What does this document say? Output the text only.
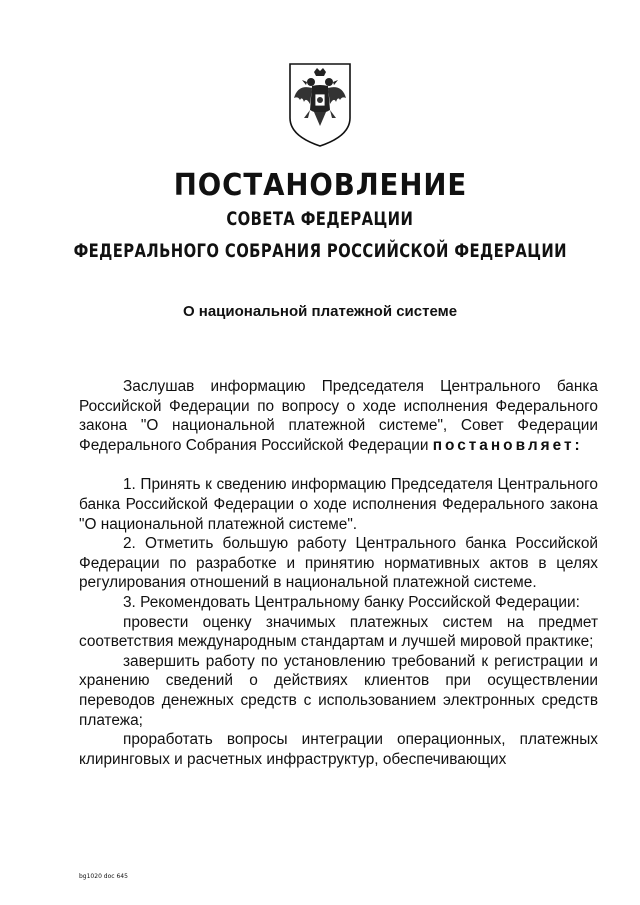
ПОСТАНОВЛЕНИЕ
СОВЕТА ФЕДЕРАЦИИ
ФЕДЕРАЛЬНОГО СОБРАНИЯ РОССИЙСКОЙ ФЕДЕРАЦИИ
О национальной платежной системе

Заслушав информацию Председателя Центрального банка Российской Федерации по вопросу о ходе исполнения Федерального закона "О национальной платежной системе", Совет Федерации Федерального Собрания Российской Федерации постановляет:

1. Принять к сведению информацию Председателя Центрального банка Российской Федерации о ходе исполнения Федерального закона "О национальной платежной системе".

2. Отметить большую работу Центрального банка Российской Федерации по разработке и принятию нормативных актов в целях регулирования отношений в национальной платежной системе.

3. Рекомендовать Центральному банку Российской Федерации:

провести оценку значимых платежных систем на предмет соответствия международным стандартам и лучшей мировой практике;

завершить работу по установлению требований к регистрации и хранению сведений о действиях клиентов при осуществлении переводов денежных средств с использованием электронных средств платежа;

проработать вопросы интеграции операционных, платежных клиринговых и расчетных инфраструктур, обеспечивающих

bg1020 doc 645
